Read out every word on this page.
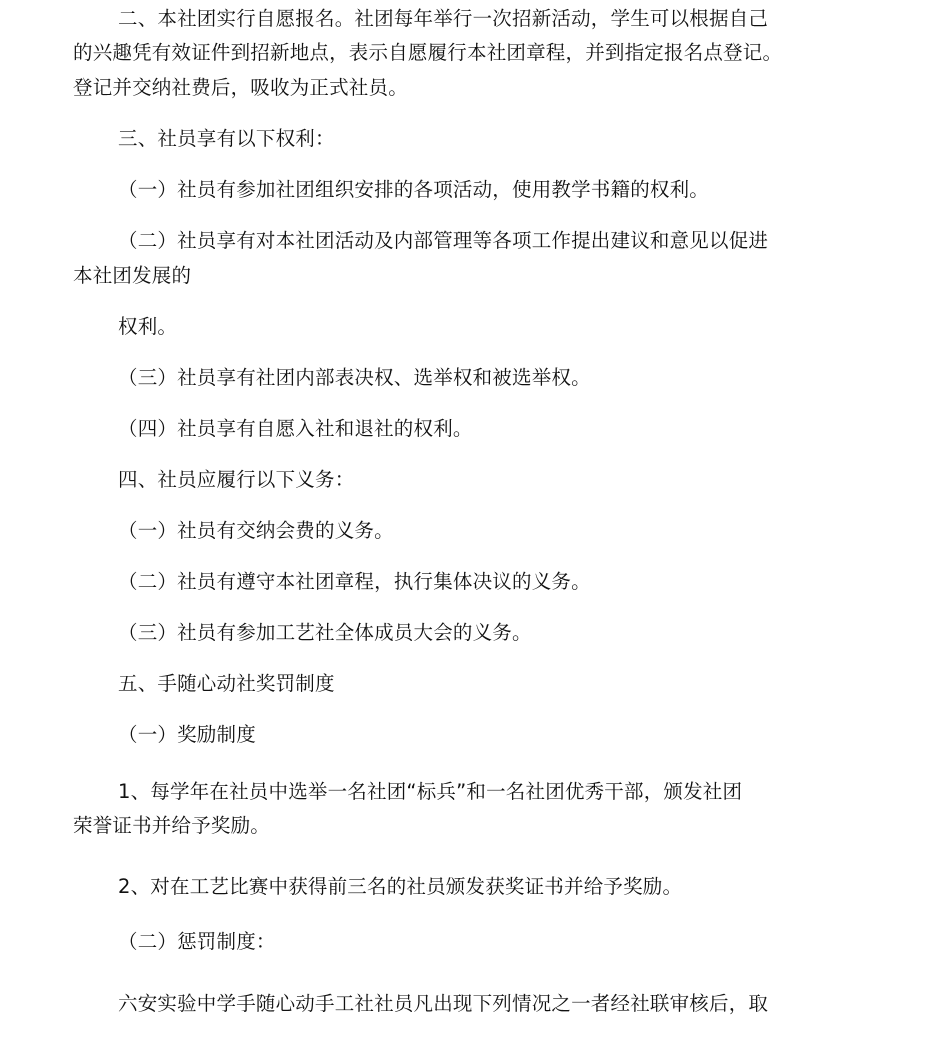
二、本社团实行自愿报名。社团每年举行一次招新活动，学生可以根据自己
的兴趣凭有效证件到招新地点，表示自愿履行本社团章程，并到指定报名点登记。
登记并交纳社费后，吸收为正式社员。
三、社员享有以下权利：
（一）社员有参加社团组织安排的各项活动，使用教学书籍的权利。
（二）社员享有对本社团活动及内部管理等各项工作提出建议和意见以促进
本社团发展的
权利。
（三）社员享有社团内部表决权、选举权和被选举权。
（四）社员享有自愿入社和退社的权利。
四、社员应履行以下义务：
（一）社员有交纳会费的义务。
（二）社员有遵守本社团章程，执行集体决议的义务。
（三）社员有参加工艺社全体成员大会的义务。
五、手随心动社奖罚制度
（一）奖励制度
1、每学年在社员中选举一名社团“标兵”和一名社团优秀干部，颁发社团
荣誉证书并给予奖励。
2、对在工艺比赛中获得前三名的社员颁发获奖证书并给予奖励。
（二）惩罚制度：
六安实验中学手随心动手工社社员凡出现下列情况之一者经社联审核后，取
